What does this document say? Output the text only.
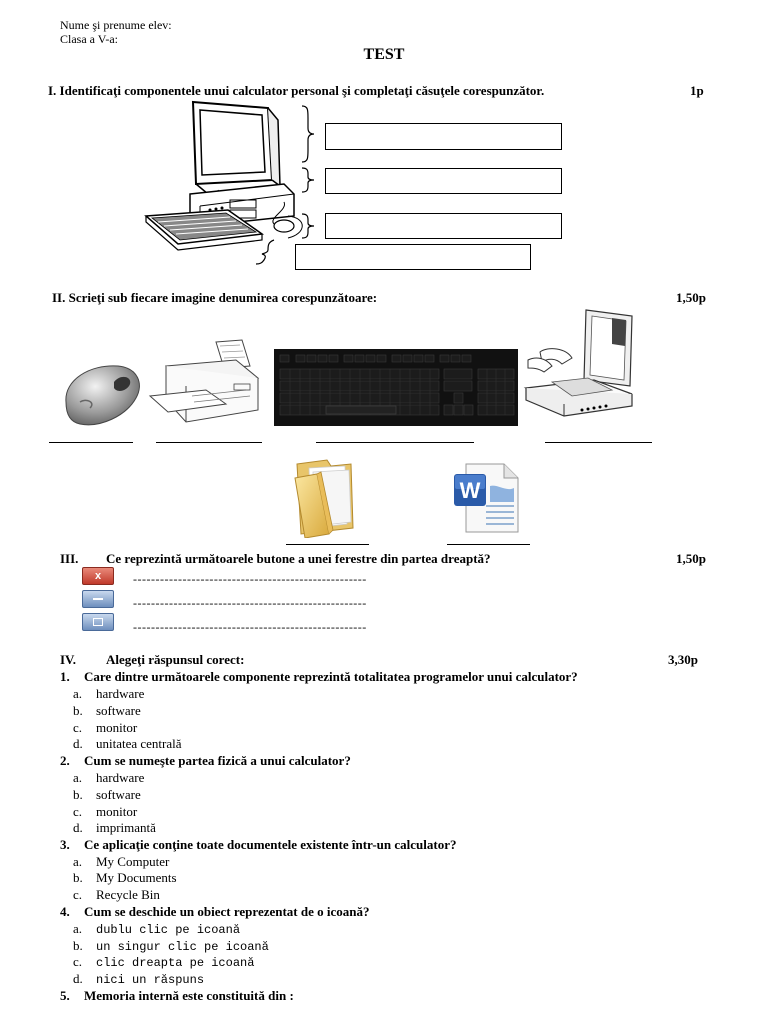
Nume şi prenume elev:
Clasa a V-a:
TEST
I. Identificaţi componentele unui calculator personal şi completaţi căsuţele corespunzător.	1p
II. Scrieţi sub fiecare imagine denumirea corespunzătoare:	1,50p
W
III. Ce reprezintă următoarele butone a unei ferestre din partea dreaptă?	1,50p
x	----------------------------------------------------
----------------------------------------------------
----------------------------------------------------
IV. Alegeţi răspunsul corect:	3,30p
1. Care dintre următoarele componente reprezintă totalitatea programelor unui calculator?
a. hardware
b. software
c. monitor
d. unitatea centrală
2. Cum se numeşte partea fizică a unui calculator?
a. hardware
b. software
c. monitor
d. imprimantă
3. Ce aplicaţie conţine toate documentele existente într-un calculator?
a. My Computer
b. My Documents
c. Recycle Bin
4. Cum se deschide un obiect reprezentat de o icoană?
a. dublu clic pe icoană
b. un singur clic pe icoană
c. clic dreapta pe icoană
d. nici un răspuns
5. Memoria internă este constituită din :
